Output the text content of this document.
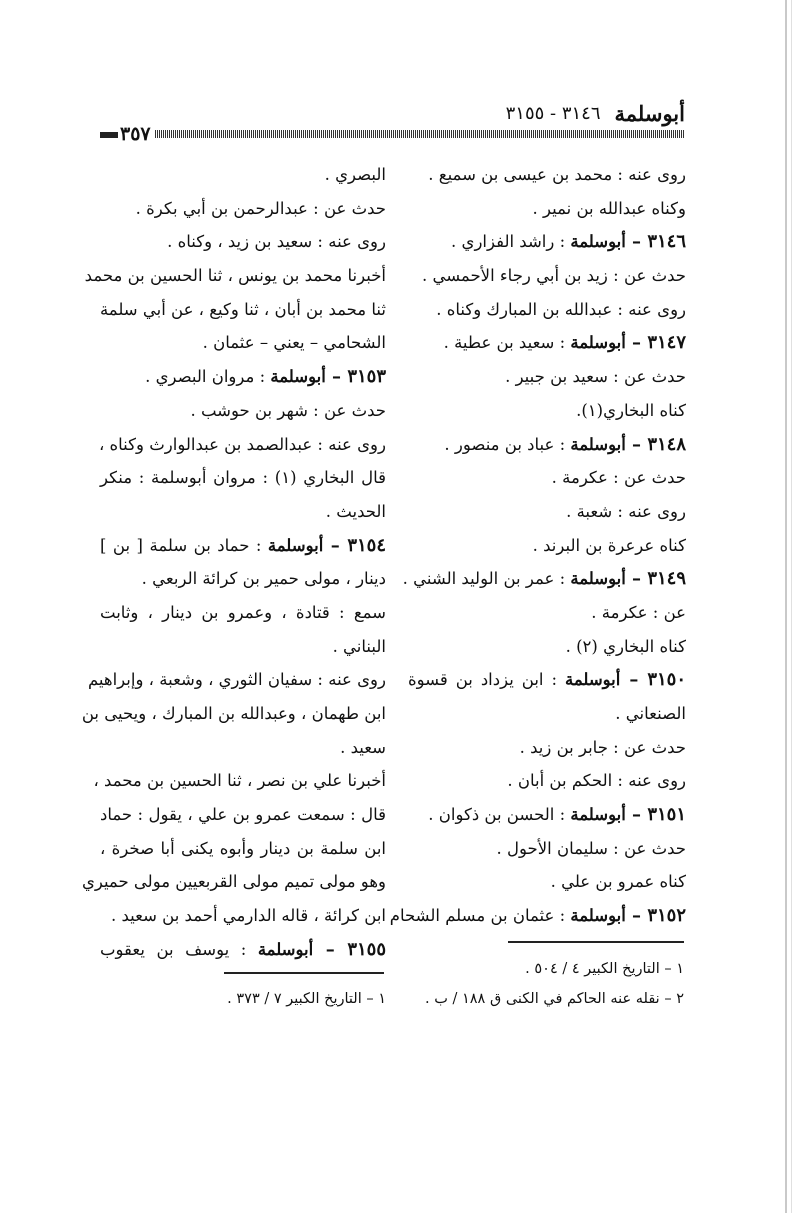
أبوسلمة
٣١٤٦ - ٣١٥٥
٣٥٧
روى عنه : محمد بن عيسى بن سميع .
وكناه عبدالله بن نمير .
٣١٤٦ – أبوسلمة : راشد الفزاري .
حدث عن : زيد بن أبي رجاء الأحمسي .
روى عنه : عبدالله بن المبارك وكناه .
٣١٤٧ – أبوسلمة : سعيد بن عطية .
حدث عن : سعيد بن جبير .
كناه البخاري(١).
٣١٤٨ – أبوسلمة : عباد بن منصور .
حدث عن : عكرمة .
روى عنه : شعبة .
كناه عرعرة بن البرند .
٣١٤٩ – أبوسلمة : عمر بن الوليد الشني .
عن : عكرمة .
كناه البخاري (٢) .
٣١٥٠ – أبوسلمة : ابن يزداد بن قسوة
الصنعاني .
حدث عن : جابر بن زيد .
روى عنه : الحكم بن أبان .
٣١٥١ – أبوسلمة : الحسن بن ذكوان .
حدث عن : سليمان الأحول .
كناه عمرو بن علي .
٣١٥٢ – أبوسلمة : عثمان بن مسلم الشحام
البصري .
حدث عن : عبدالرحمن بن أبي بكرة .
روى عنه : سعيد بن زيد ، وكناه .
أخبرنا محمد بن يونس ، ثنا الحسين بن محمد
ثنا محمد بن أبان ، ثنا وكيع ، عن أبي سلمة
الشحامي – يعني – عثمان .
٣١٥٣ – أبوسلمة : مروان البصري .
حدث عن : شهر بن حوشب .
روى عنه : عبدالصمد بن عبدالوارث وكناه ،
قال البخاري (١) : مروان أبوسلمة : منكر
الحديث .
٣١٥٤ – أبوسلمة : حماد بن سلمة [ بن ]
دينار ، مولى حمير بن كرائة الربعي .
سمع : قتادة ، وعمرو بن دينار ، وثابت
البناني .
روى عنه : سفيان الثوري ، وشعبة ، وإبراهيم
ابن طهمان ، وعبدالله بن المبارك ، ويحيى بن
سعيد .
أخبرنا علي بن نصر ، ثنا الحسين بن محمد ،
قال : سمعت عمرو بن علي ، يقول : حماد
ابن سلمة بن دينار وأبوه يكنى أبا صخرة ،
وهو مولى تميم مولى القربعيين مولى حميري
ابن كرائة ، قاله الدارمي أحمد بن سعيد .
٣١٥٥ – أبوسلمة : يوسف بن يعقوب
١ – التاريخ الكبير ٤ / ٥٠٤ .
٢ – نقله عنه الحاكم في الكنى ق ١٨٨ / ب .
١ – التاريخ الكبير ٧ / ٣٧٣ .
